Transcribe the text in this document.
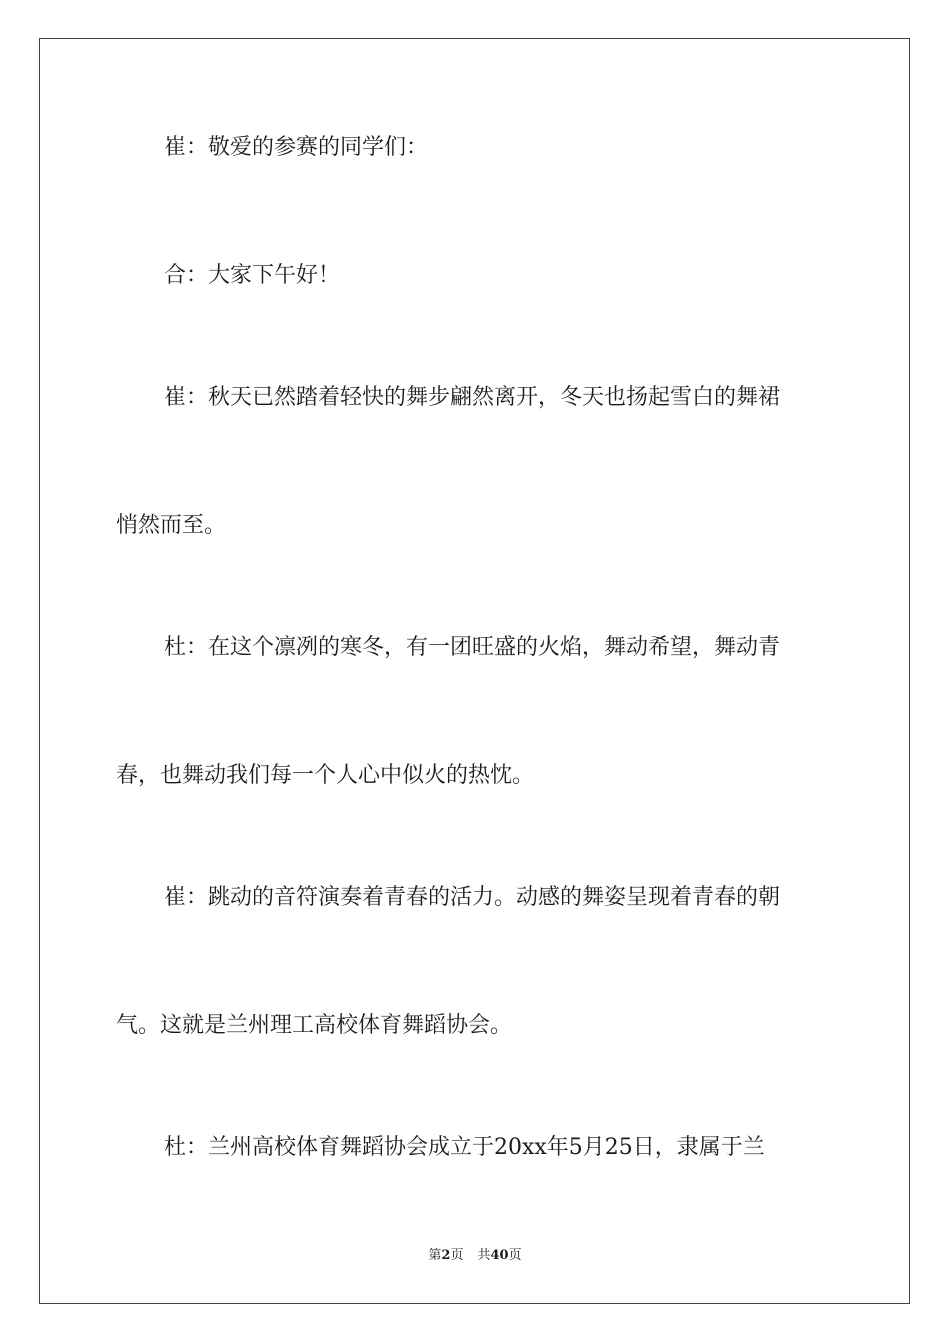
崔：敬爱的参赛的同学们：
合：大家下午好！
崔：秋天已然踏着轻快的舞步翩然离开，冬天也扬起雪白的舞裙
悄然而至。
杜：在这个凛冽的寒冬，有一团旺盛的火焰，舞动希望，舞动青
春，也舞动我们每一个人心中似火的热忱。
崔：跳动的音符演奏着青春的活力。动感的舞姿呈现着青春的朝
气。这就是兰州理工高校体育舞蹈协会。
杜：兰州高校体育舞蹈协会成立于20xx年5月25日，隶属于兰
第2页 共40页
